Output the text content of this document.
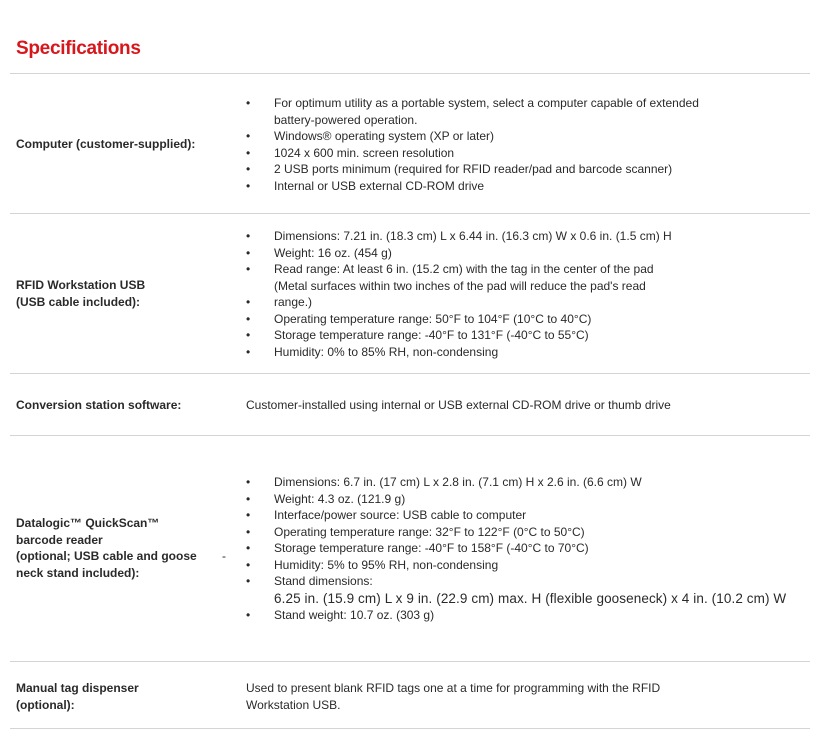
Specifications
Computer (customer-supplied):
• For optimum utility as a portable system, select a computer capable of extended
battery-powered operation.
• Windows® operating system (XP or later)
• 1024 x 600 min. screen resolution
• 2 USB ports minimum (required for RFID reader/pad and barcode scanner)
• Internal or USB external CD-ROM drive
RFID Workstation USB
(USB cable included):
• Dimensions: 7.21 in. (18.3 cm) L x 6.44 in. (16.3 cm) W x 0.6 in. (1.5 cm) H
• Weight: 16 oz. (454 g)
• Read range: At least 6 in. (15.2 cm) with the tag in the center of the pad
(Metal surfaces within two inches of the pad will reduce the pad's read
• range.)
• Operating temperature range: 50°F to 104°F (10°C to 40°C)
• Storage temperature range: -40°F to 131°F (-40°C to 55°C)
• Humidity: 0% to 85% RH, non-condensing
Conversion station software:	Customer-installed using internal or USB external CD-ROM drive or thumb drive
Datalogic™ QuickScan™
barcode reader
(optional; USB cable and goose
neck stand included):
-
• Dimensions: 6.7 in. (17 cm) L x 2.8 in. (7.1 cm) H x 2.6 in. (6.6 cm) W
• Weight: 4.3 oz. (121.9 g)
• Interface/power source: USB cable to computer
• Operating temperature range: 32°F to 122°F (0°C to 50°C)
• Storage temperature range: -40°F to 158°F (-40°C to 70°C)
• Humidity: 5% to 95% RH, non-condensing
• Stand dimensions:
6.25 in. (15.9 cm) L x 9 in. (22.9 cm) max. H (flexible gooseneck) x 4 in. (10.2 cm) W
• Stand weight: 10.7 oz. (303 g)
Manual tag dispenser
(optional):
Used to present blank RFID tags one at a time for programming with the RFID
Workstation USB.
